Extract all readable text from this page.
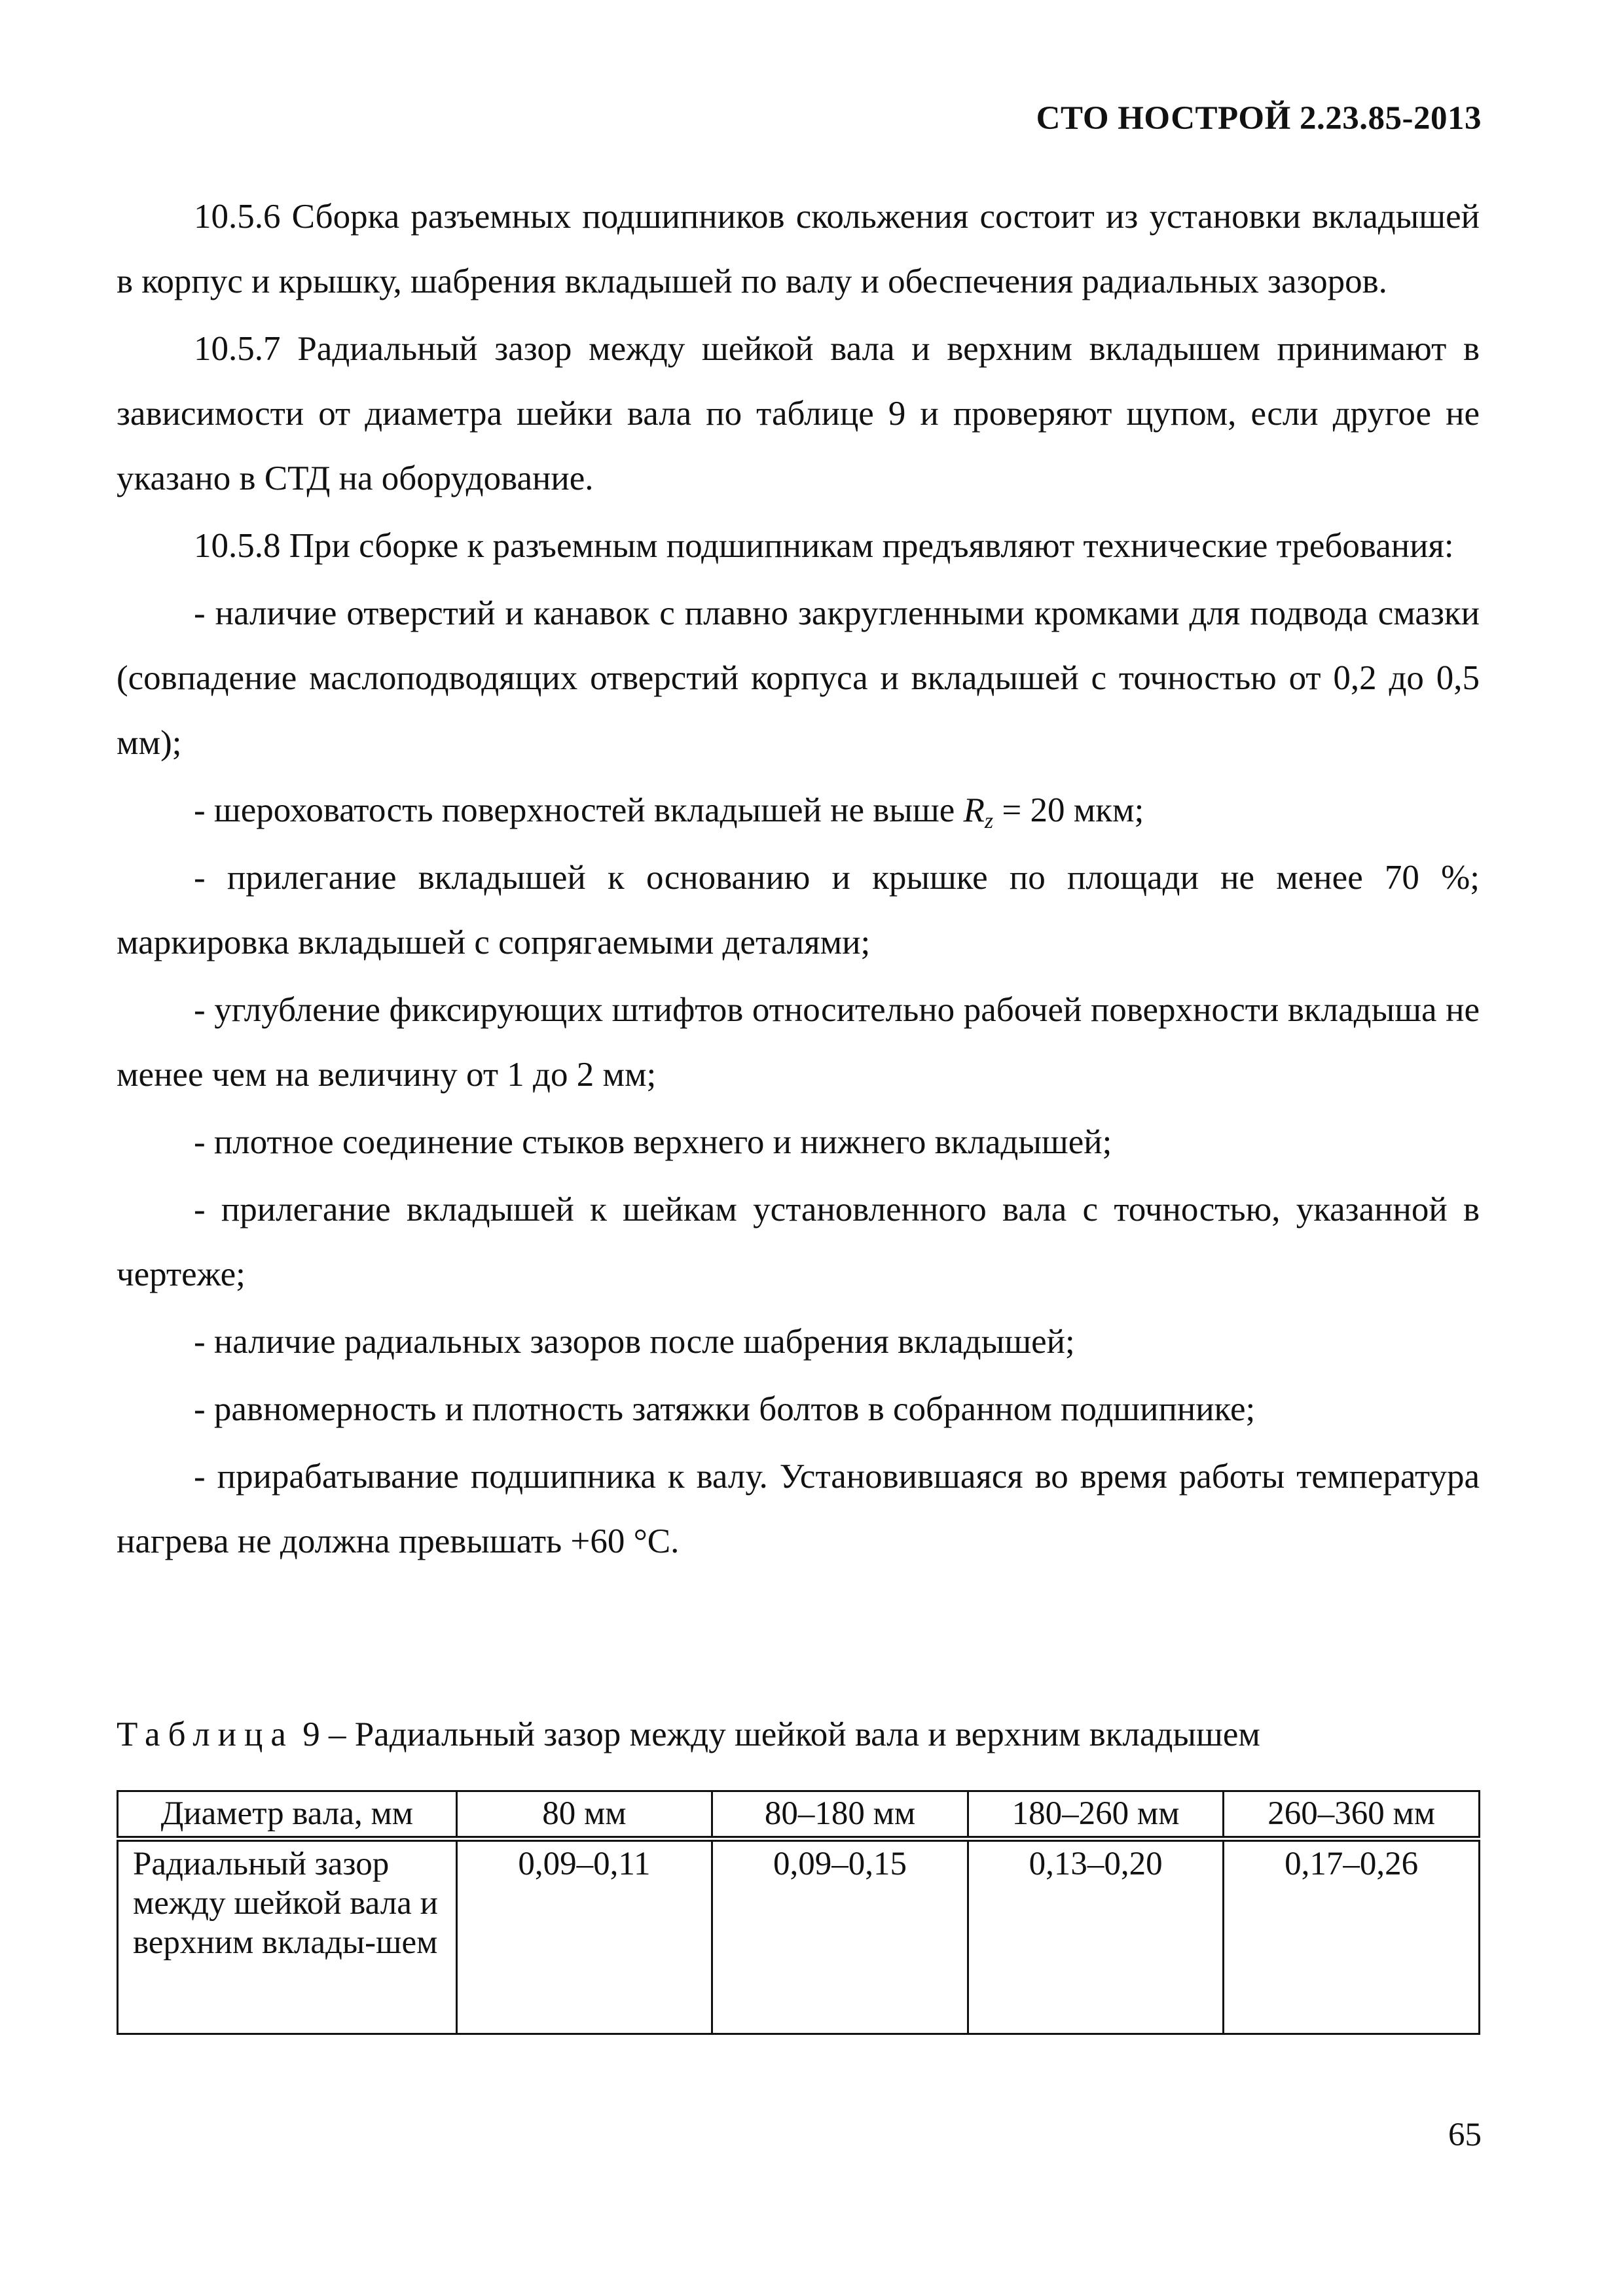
СТО НОСТРОЙ 2.23.85-2013

10.5.6 Сборка разъемных подшипников скольжения состоит из установки вкладышей в корпус и крышку, шабрения вкладышей по валу и обеспечения радиальных зазоров.

10.5.7 Радиальный зазор между шейкой вала и верхним вкладышем принимают в зависимости от диаметра шейки вала по таблице 9 и проверяют щупом, если другое не указано в СТД на оборудование.

10.5.8 При сборке к разъемным подшипникам предъявляют технические требования:

- наличие отверстий и канавок с плавно закругленными кромками для подвода смазки (совпадение маслоподводящих отверстий корпуса и вкладышей с точностью от 0,2 до 0,5 мм);

- шероховатость поверхностей вкладышей не выше $R_z = 20$ мкм;

- прилегание вкладышей к основанию и крышке по площади не менее 70 %; маркировка вкладышей с сопрягаемыми деталями;

- углубление фиксирующих штифтов относительно рабочей поверхности вкладыша не менее чем на величину от 1 до 2 мм;

- плотное соединение стыков верхнего и нижнего вкладышей;

- прилегание вкладышей к шейкам установленного вала с точностью, указанной в чертеже;

- наличие радиальных зазоров после шабрения вкладышей;

- равномерность и плотность затяжки болтов в собранном подшипнике;

- прирабатывание подшипника к валу. Установившаяся во время работы температура нагрева не должна превышать +60 °С.

Таблица 9 – Радиальный зазор между шейкой вала и верхним вкладышем
Диаметр вала, мм	80 мм	80–180 мм	180–260 мм	260–360 мм
Радиальный зазор между шейкой вала и верхним вклады-шем	0,09–0,11	0,09–0,15	0,13–0,20	0,17–0,26
65
